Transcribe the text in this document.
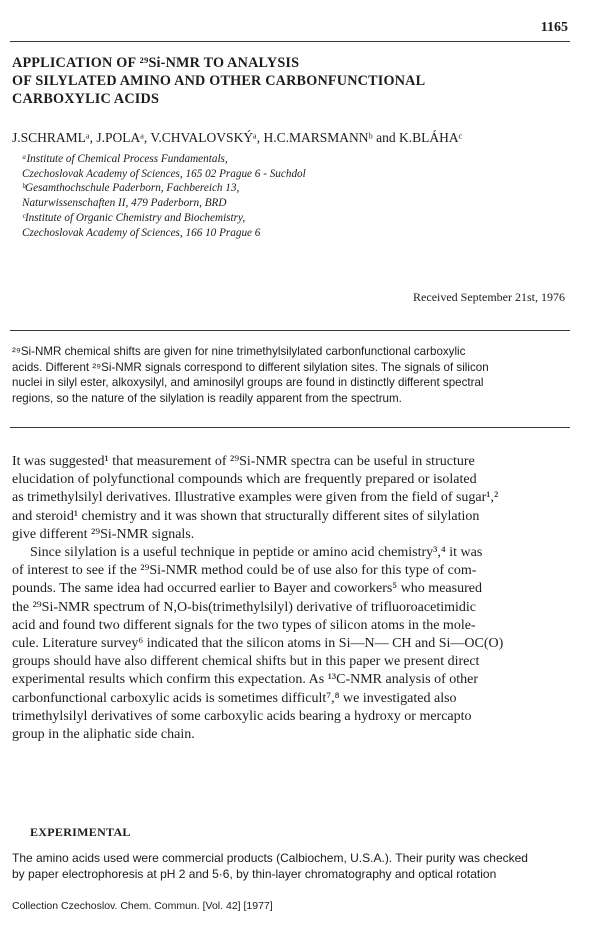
1165
APPLICATION OF ²⁹Si-NMR TO ANALYSIS
OF SILYLATED AMINO AND OTHER CARBONFUNCTIONAL
CARBOXYLIC ACIDS
J.SCHRAMLᵃ, J.POLAᵃ, V.CHVALOVSKÝᵃ, H.C.MARSMANNᵇ and K.BLÁHAᶜ
ᵃInstitute of Chemical Process Fundamentals,
Czechoslovak Academy of Sciences, 165 02 Prague 6 - Suchdol
ᵇGesamthochschule Paderborn, Fachbereich 13,
Naturwissenschaften II, 479 Paderborn, BRD
ᶜInstitute of Organic Chemistry and Biochemistry,
Czechoslovak Academy of Sciences, 166 10 Prague 6
Received September 21st, 1976
²⁹Si-NMR chemical shifts are given for nine trimethylsilylated carbonfunctional carboxylic
acids. Different ²⁹Si-NMR signals correspond to different silylation sites. The signals of silicon
nuclei in silyl ester, alkoxysilyl, and aminosilyl groups are found in distinctly different spectral
regions, so the nature of the silylation is readily apparent from the spectrum.
It was suggested¹ that measurement of ²⁹Si-NMR spectra can be useful in structure
elucidation of polyfunctional compounds which are frequently prepared or isolated
as trimethylsilyl derivatives. Illustrative examples were given from the field of sugar¹,²
and steroid¹ chemistry and it was shown that structurally different sites of silylation
give different ²⁹Si-NMR signals.
Since silylation is a useful technique in peptide or amino acid chemistry³,⁴ it was
of interest to see if the ²⁹Si-NMR method could be of use also for this type of com-
pounds. The same idea had occurred earlier to Bayer and coworkers⁵ who measured
the ²⁹Si-NMR spectrum of N,O-bis(trimethylsilyl) derivative of trifluoroacetimidic
acid and found two different signals for the two types of silicon atoms in the mole-
cule. Literature survey⁶ indicated that the silicon atoms in Si—N— CH and Si—OC(O)
groups should have also different chemical shifts but in this paper we present direct
experimental results which confirm this expectation. As ¹³C-NMR analysis of other
carbonfunctional carboxylic acids is sometimes difficult⁷,⁸ we investigated also
trimethylsilyl derivatives of some carboxylic acids bearing a hydroxy or mercapto
group in the aliphatic side chain.
EXPERIMENTAL
The amino acids used were commercial products (Calbiochem, U.S.A.). Their purity was checked
by paper electrophoresis at pH 2 and 5·6, by thin-layer chromatography and optical rotation
Collection Czechoslov. Chem. Commun. [Vol. 42] [1977]
